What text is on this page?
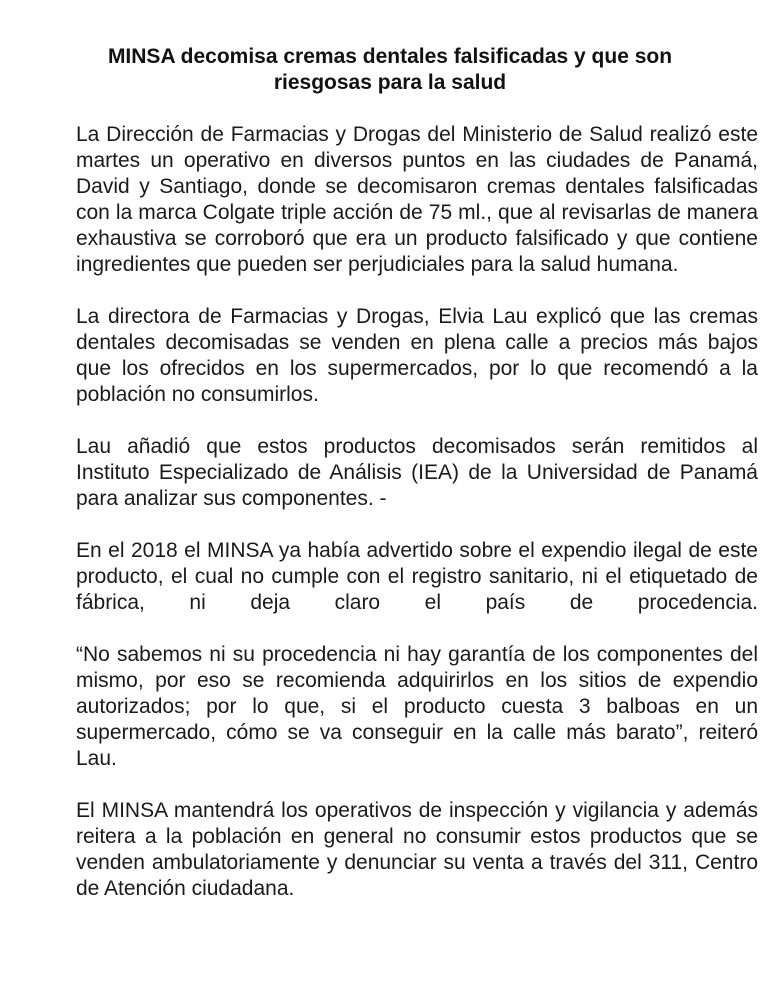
MINSA decomisa cremas dentales falsificadas y que son
riesgosas para la salud

La Dirección de Farmacias y Drogas del Ministerio de Salud realizó este
martes un operativo en diversos puntos en las ciudades de Panamá,
David y Santiago, donde se decomisaron cremas dentales falsificadas
con la marca Colgate triple acción de 75 ml., que al revisarlas de manera
exhaustiva se corroboró que era un producto falsificado y que contiene
ingredientes que pueden ser perjudiciales para la salud humana.

La directora de Farmacias y Drogas, Elvia Lau explicó que las cremas
dentales decomisadas se venden en plena calle a precios más bajos
que los ofrecidos en los supermercados, por lo que recomendó a la
población no consumirlos.

Lau añadió que estos productos decomisados serán remitidos al
Instituto Especializado de Análisis (IEA) de la Universidad de Panamá
para analizar sus componentes. -

En el 2018 el MINSA ya había advertido sobre el expendio ilegal de este
producto, el cual no cumple con el registro sanitario, ni el etiquetado de
fábrica, ni deja claro el país de procedencia.

“No sabemos ni su procedencia ni hay garantía de los componentes del
mismo, por eso se recomienda adquirirlos en los sitios de expendio
autorizados; por lo que, si el producto cuesta 3 balboas en un
supermercado, cómo se va conseguir en la calle más barato”, reiteró
Lau.

El MINSA mantendrá los operativos de inspección y vigilancia y además
reitera a la población en general no consumir estos productos que se
venden ambulatoriamente y denunciar su venta a través del 311, Centro
de Atención ciudadana.
